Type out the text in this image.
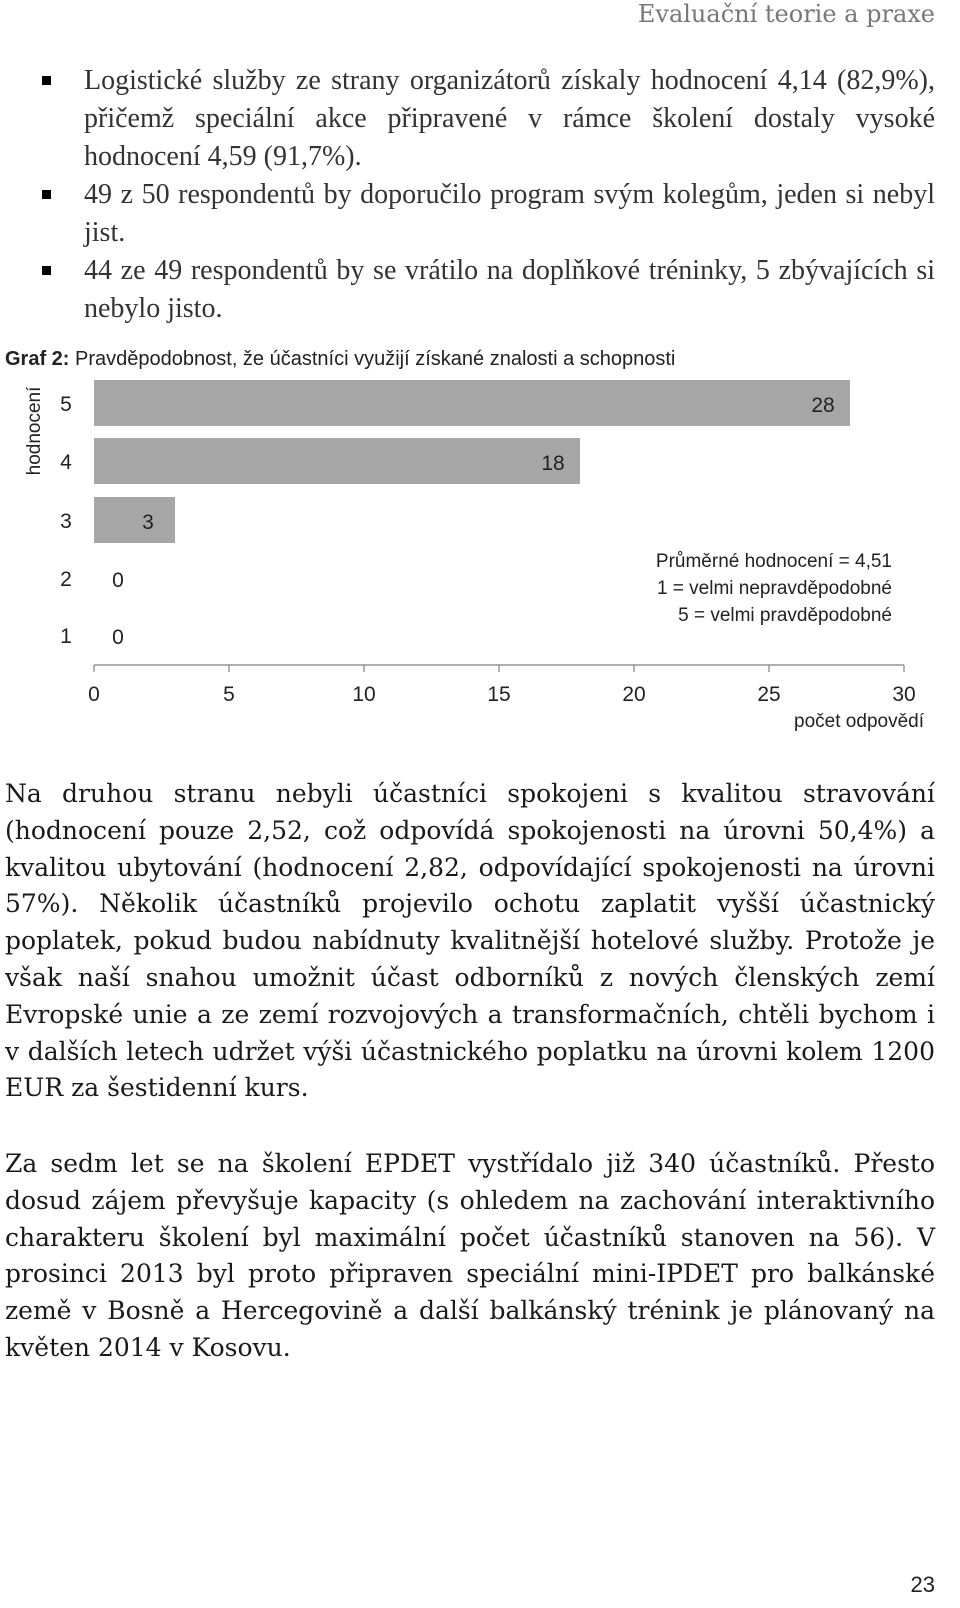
Evaluační teorie a praxe
Logistické služby ze strany organizátorů získaly hodnocení 4,14 (82,9%), přičemž speciální akce připravené v rámce školení dostaly vysoké hodnocení 4,59 (91,7%).
49 z 50 respondentů by doporučilo program svým kolegům, jeden si nebyl jist.
44 ze 49 respondentů by se vrátilo na doplňkové tréninky, 5 zbývajících si nebylo jisto.
Graf 2: Pravděpodobnost, že účastníci využijí získané znalosti a schopnosti
hodnocení 5	28
4	18
3	3
2 0
1 0
0	5	10	15	20	25	30
počet odpovědí
Průměrné hodnocení = 4,51
1 = velmi nepravděpodobné
5 = velmi pravděpodobné

Na druhou stranu nebyli účastníci spokojeni s kvalitou stravování (hodnocení pouze 2,52, což odpovídá spokojenosti na úrovni 50,4%) a kvalitou ubytování (hodnocení 2,82, odpovídající spokojenosti na úrovni 57%). Několik účastníků projevilo ochotu zaplatit vyšší účastnický poplatek, pokud budou nabídnuty kvalitnější hotelové služby. Protože je však naší snahou umožnit účast odborníků z nových členských zemí Evropské unie a ze zemí rozvojových a transformačních, chtěli bychom i v dalších letech udržet výši účastnického poplatku na úrovni kolem 1200 EUR za šestidenní kurs.

Za sedm let se na školení EPDET vystřídalo již 340 účastníků. Přesto dosud zájem převyšuje kapacity (s ohledem na zachování interaktivního charakteru školení byl maximální počet účastníků stanoven na 56). V prosinci 2013 byl proto připraven speciální mini-IPDET pro balkánské země v Bosně a Hercegovině a další balkánský trénink je plánovaný na květen 2014 v Kosovu.

23
